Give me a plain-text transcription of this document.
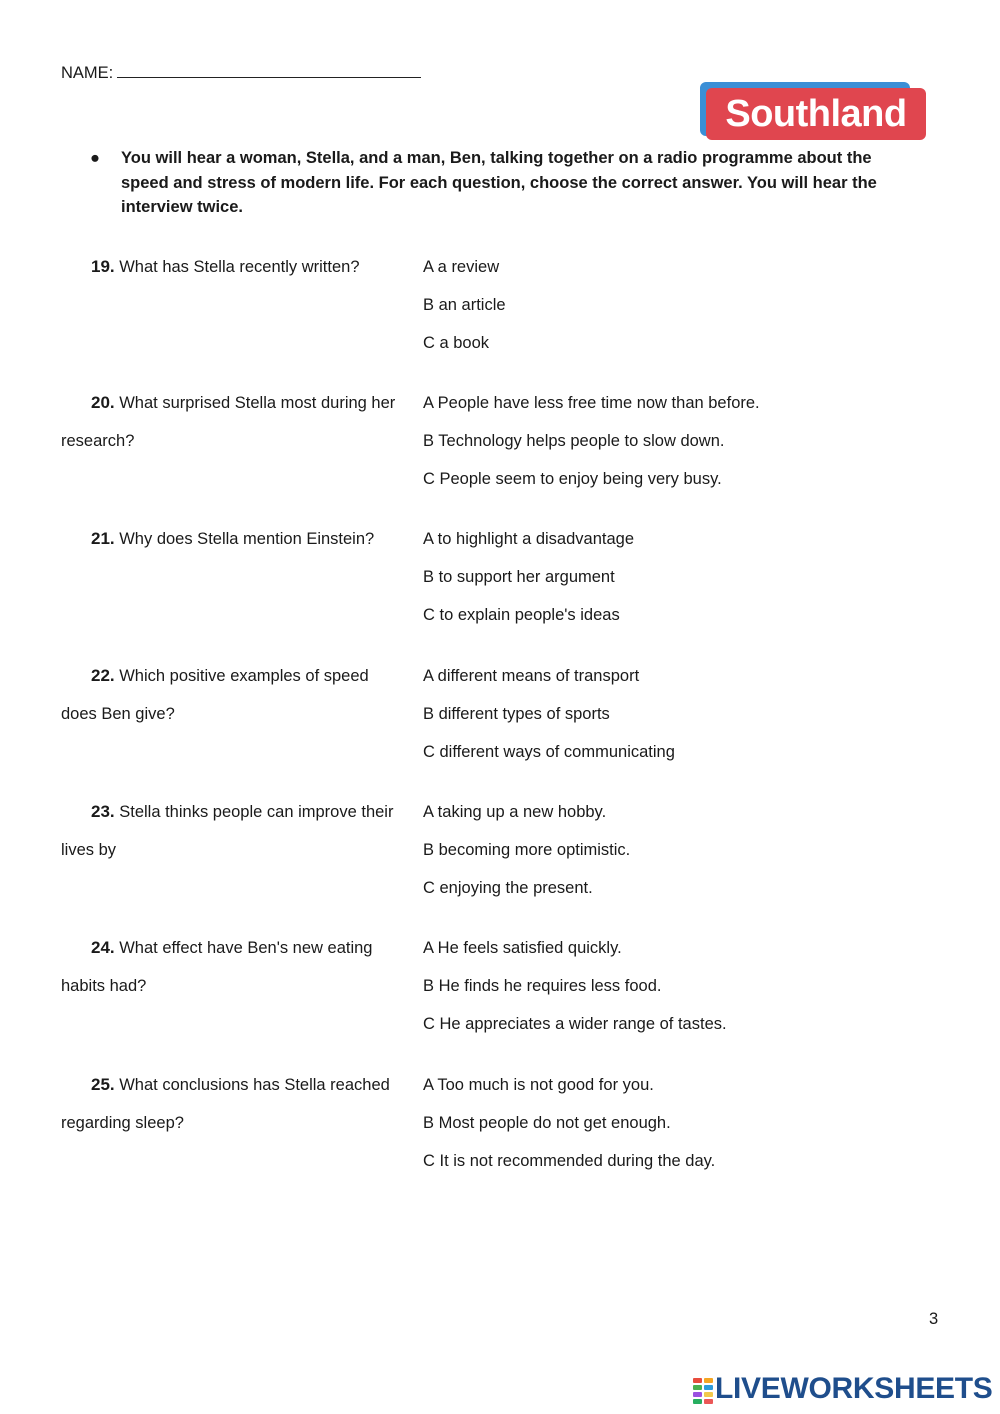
NAME:
Southland
● You will hear a woman, Stella, and a man, Ben, talking together on a radio programme about the speed and stress of modern life. For each question, choose the correct answer. You will hear the interview twice.
19. What has Stella recently written?	A a review
B an article
C a book
20. What surprised Stella most during her research?
A People have less free time now than before.
B Technology helps people to slow down.
C People seem to enjoy being very busy.
21. Why does Stella mention Einstein?	A to highlight a disadvantage
B to support her argument
C to explain people's ideas
22. Which positive examples of speed does Ben give?
A different means of transport
B different types of sports
C different ways of communicating
23. Stella thinks people can improve their lives by
A taking up a new hobby.
B becoming more optimistic.
C enjoying the present.
24. What effect have Ben's new eating habits had?
A He feels satisfied quickly.
B He finds he requires less food.
C He appreciates a wider range of tastes.
25. What conclusions has Stella reached regarding sleep?
A Too much is not good for you.
B Most people do not get enough.
C It is not recommended during the day.
3
LIVEWORKSHEETS
